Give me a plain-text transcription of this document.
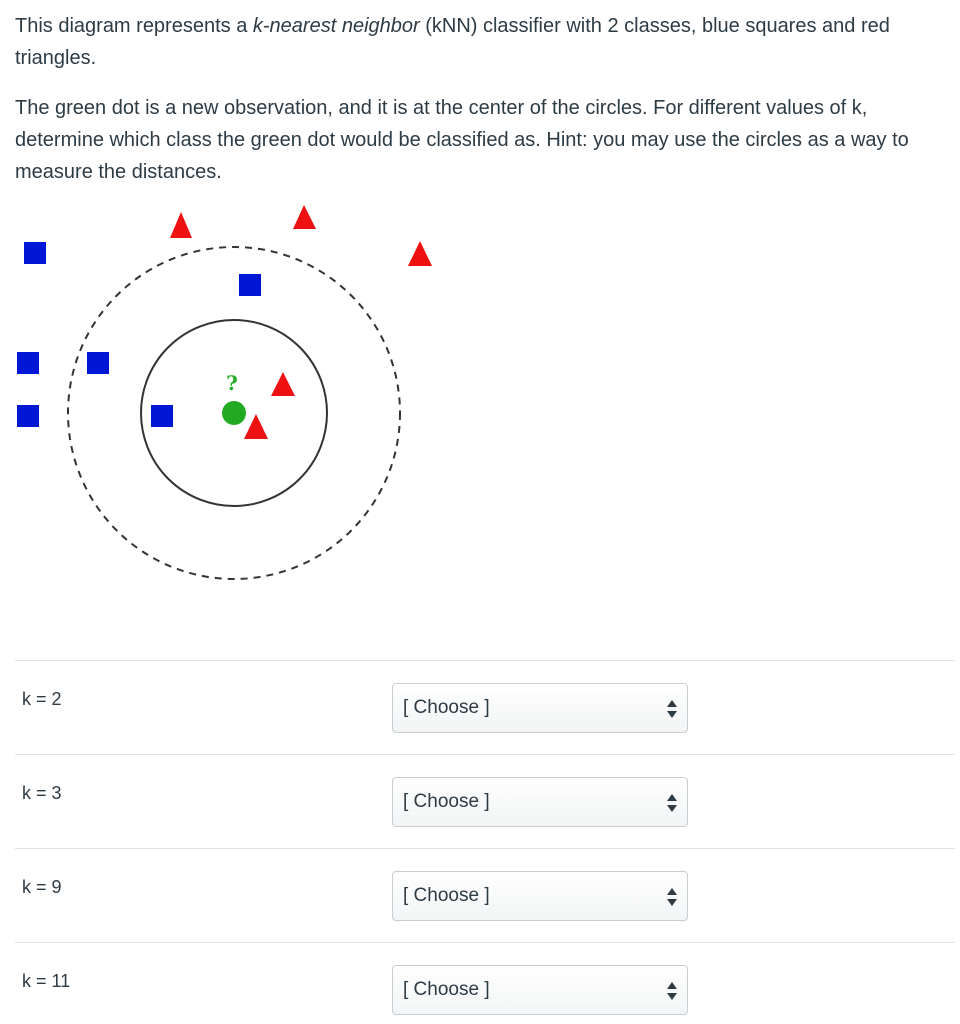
This diagram represents a k-nearest neighbor (kNN) classifier with 2 classes, blue squares and red triangles.

The green dot is a new observation, and it is at the center of the circles. For different values of k, determine which class the green dot would be classified as. Hint: you may use the circles as a way to measure the distances.

?
k = 2	[ Choose ]
k = 3	[ Choose ]
k = 9	[ Choose ]
k = 11	[ Choose ]
